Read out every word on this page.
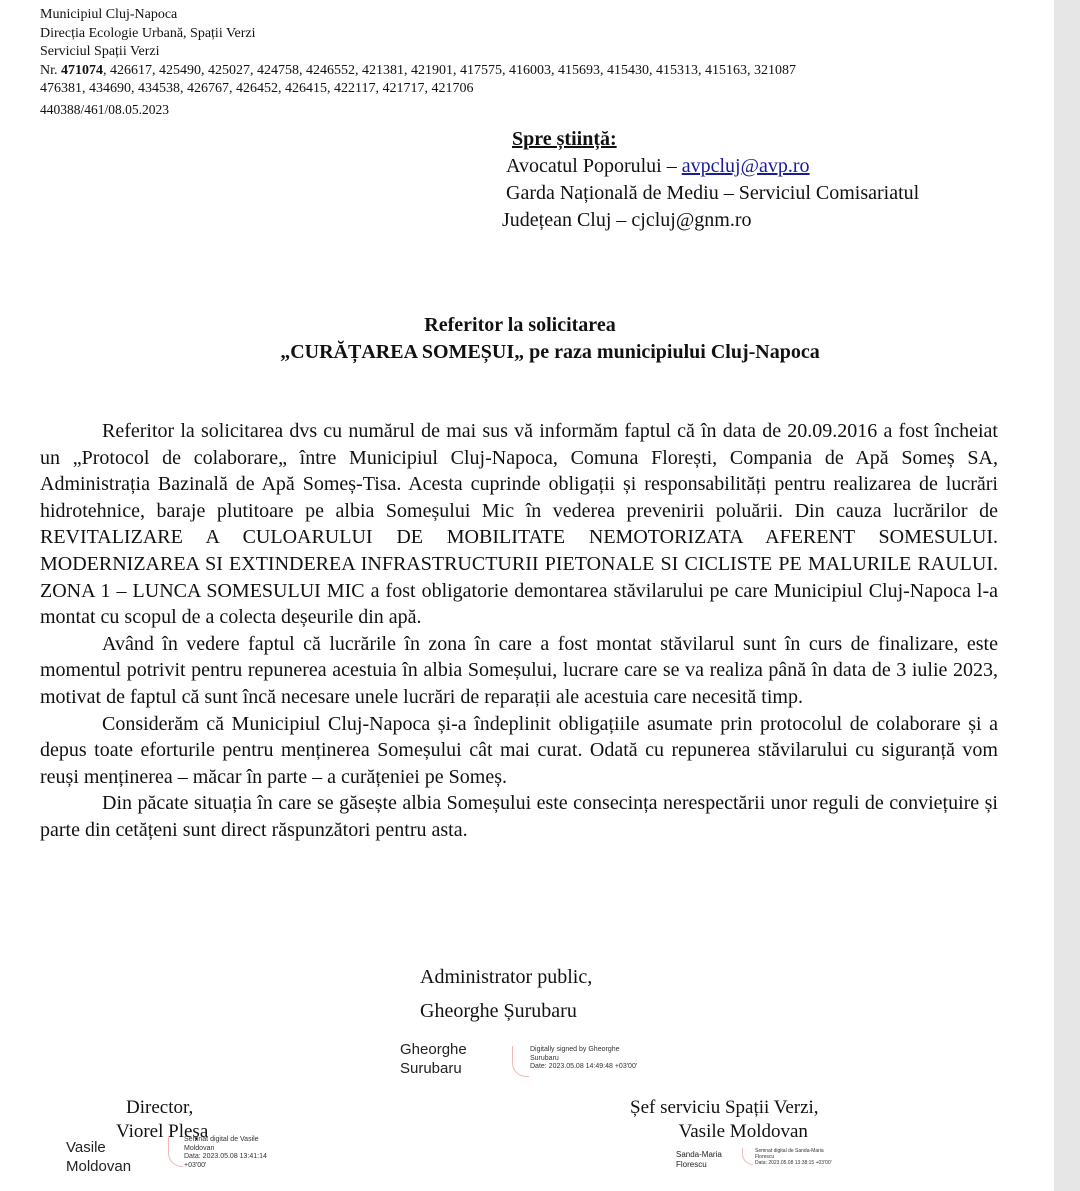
Municipiul Cluj-Napoca
Direcția Ecologie Urbană, Spații Verzi
Serviciul Spații Verzi
Nr. 471074, 426617, 425490, 425027, 424758, 4246552, 421381, 421901, 417575, 416003, 415693, 415430, 415313, 415163, 321087
476381, 434690, 434538, 426767, 426452, 426415, 422117, 421717, 421706
440388/461/08.05.2023
Spre știință:
Avocatul Poporului – avpcluj@avp.ro
Garda Națională de Mediu – Serviciul Comisariatul
Județean Cluj – cjcluj@gnm.ro
Referitor la solicitarea
„CURĂȚAREA SOMEȘUI„ pe raza municipiului Cluj-Napoca

Referitor la solicitarea dvs cu numărul de mai sus vă informăm faptul că în data de 20.09.2016 a fost încheiat un „Protocol de colaborare„ între Municipiul Cluj-Napoca, Comuna Florești, Compania de Apă Someș SA, Administrația Bazinală de Apă Someș-Tisa. Acesta cuprinde obligații și responsabilități pentru realizarea de lucrări hidrotehnice, baraje plutitoare pe albia Someșului Mic în vederea prevenirii poluării. Din cauza lucrărilor de REVITALIZARE A CULOARULUI DE MOBILITATE NEMOTORIZATA AFERENT SOMESULUI. MODERNIZAREA SI EXTINDEREA INFRASTRUCTURII PIETONALE SI CICLISTE PE MALURILE RAULUI. ZONA 1 – LUNCA SOMESULUI MIC a fost obligatorie demontarea stăvilarului pe care Municipiul Cluj-Napoca l-a montat cu scopul de a colecta deșeurile din apă.

Având în vedere faptul că lucrările în zona în care a fost montat stăvilarul sunt în curs de finalizare, este momentul potrivit pentru repunerea acestuia în albia Someșului, lucrare care se va realiza până în data de 3 iulie 2023, motivat de faptul că sunt încă necesare unele lucrări de reparații ale acestuia care necesită timp.

Considerăm că Municipiul Cluj-Napoca și-a îndeplinit obligațiile asumate prin protocolul de colaborare și a depus toate eforturile pentru menținerea Someșului cât mai curat. Odată cu repunerea stăvilarului cu siguranță vom reuși menținerea – măcar în parte – a curățeniei pe Someș.

Din păcate situația în care se găsește albia Someșului este consecința nerespectării unor reguli de conviețuire și parte din cetățeni sunt direct răspunzători pentru asta.

Administrator public,
Gheorghe Șurubaru
Gheorghe
Surubaru
Digitally signed by Gheorghe
Surubaru
Date: 2023.05.08 14:49:48 +03'00'
Director,
Viorel Pleșa
Vasile
Moldovan
Semnat digital de Vasile
Moldovan
Data: 2023.05.08 13:41:14
+03'00'
Șef serviciu Spații Verzi,
Vasile Moldovan
Sanda-Maria
Florescu
Semnat digital de Sanda-Maria
Florescu
Data: 2023.05.08 13:38:15 +03'00'
